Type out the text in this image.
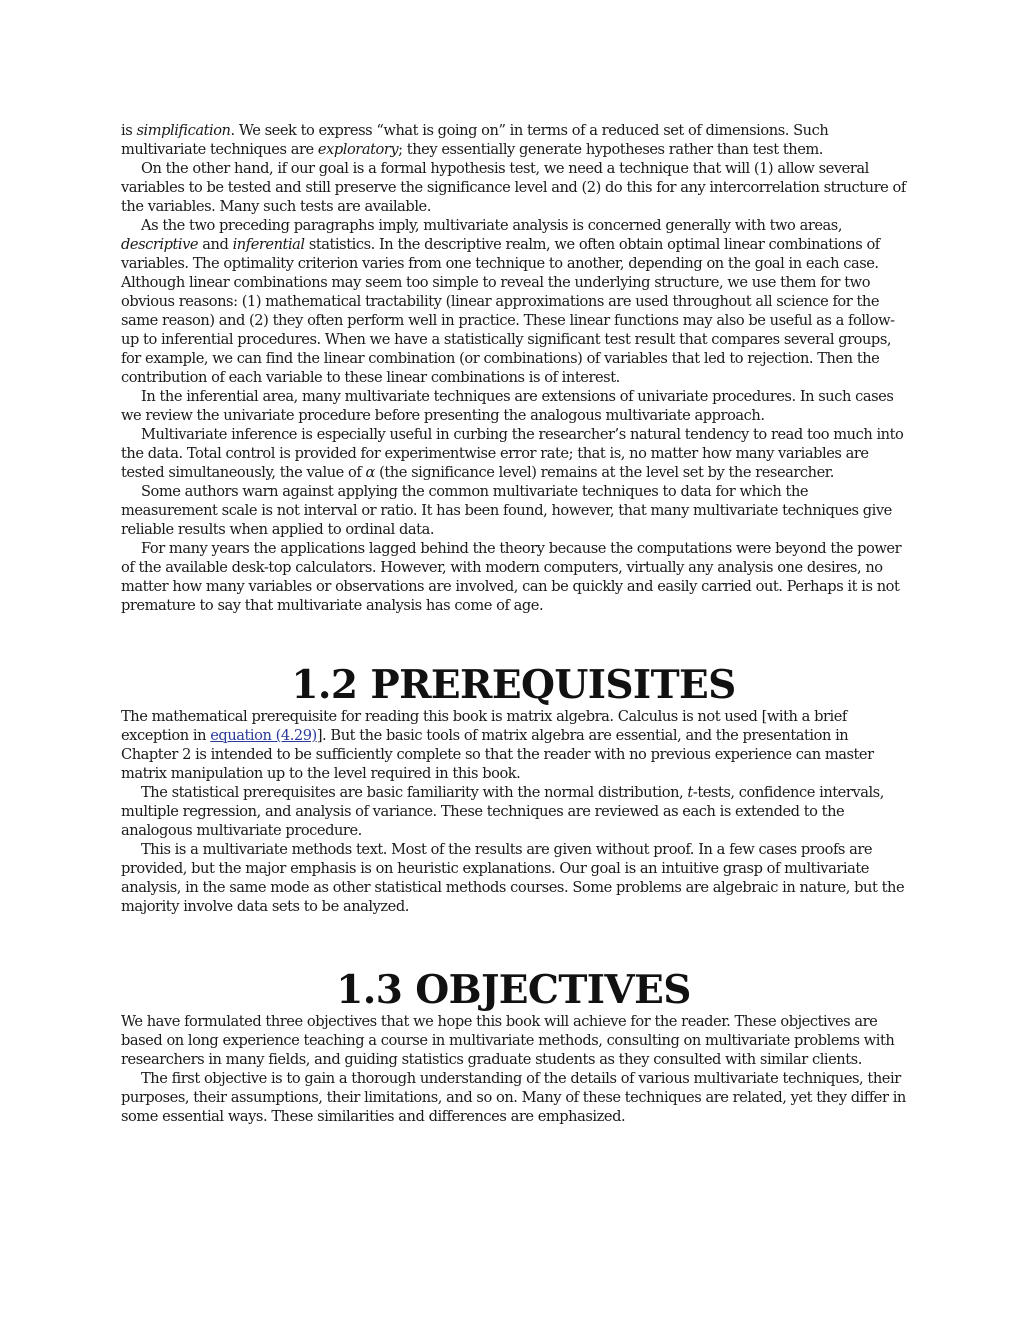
is simplification. We seek to express “what is going on” in terms of a reduced set of dimensions. Such multivariate techniques are exploratory; they essentially generate hypotheses rather than test them.

On the other hand, if our goal is a formal hypothesis test, we need a technique that will (1) allow several variables to be tested and still preserve the significance level and (2) do this for any intercorrelation structure of the variables. Many such tests are available.

As the two preceding paragraphs imply, multivariate analysis is concerned generally with two areas, descriptive and inferential statistics. In the descriptive realm, we often obtain optimal linear combinations of variables. The optimality criterion varies from one technique to another, depending on the goal in each case. Although linear combinations may seem too simple to reveal the underlying structure, we use them for two obvious reasons: (1) mathematical tractability (linear approximations are used throughout all science for the same reason) and (2) they often perform well in practice. These linear functions may also be useful as a follow-up to inferential procedures. When we have a statistically significant test result that compares several groups, for example, we can find the linear combination (or combinations) of variables that led to rejection. Then the contribution of each variable to these linear combinations is of interest.

In the inferential area, many multivariate techniques are extensions of univariate procedures. In such cases we review the univariate procedure before presenting the analogous multivariate approach.

Multivariate inference is especially useful in curbing the researcher’s natural tendency to read too much into the data. Total control is provided for experimentwise error rate; that is, no matter how many variables are tested simultaneously, the value of α (the significance level) remains at the level set by the researcher.

Some authors warn against applying the common multivariate techniques to data for which the measurement scale is not interval or ratio. It has been found, however, that many multivariate techniques give reliable results when applied to ordinal data.

For many years the applications lagged behind the theory because the computations were beyond the power of the available desk-top calculators. However, with modern computers, virtually any analysis one desires, no matter how many variables or observations are involved, can be quickly and easily carried out. Perhaps it is not premature to say that multivariate analysis has come of age.

1.2 PREREQUISITES

The mathematical prerequisite for reading this book is matrix algebra. Calculus is not used [with a brief exception in equation (4.29)]. But the basic tools of matrix algebra are essential, and the presentation in Chapter 2 is intended to be sufficiently complete so that the reader with no previous experience can master matrix manipulation up to the level required in this book.

The statistical prerequisites are basic familiarity with the normal distribution, t-tests, confidence intervals, multiple regression, and analysis of variance. These techniques are reviewed as each is extended to the analogous multivariate procedure.

This is a multivariate methods text. Most of the results are given without proof. In a few cases proofs are provided, but the major emphasis is on heuristic explanations. Our goal is an intuitive grasp of multivariate analysis, in the same mode as other statistical methods courses. Some problems are algebraic in nature, but the majority involve data sets to be analyzed.

1.3 OBJECTIVES

We have formulated three objectives that we hope this book will achieve for the reader. These objectives are based on long experience teaching a course in multivariate methods, consulting on multivariate problems with researchers in many fields, and guiding statistics graduate students as they consulted with similar clients.

The first objective is to gain a thorough understanding of the details of various multivariate techniques, their purposes, their assumptions, their limitations, and so on. Many of these techniques are related, yet they differ in some essential ways. These similarities and differences are emphasized.
